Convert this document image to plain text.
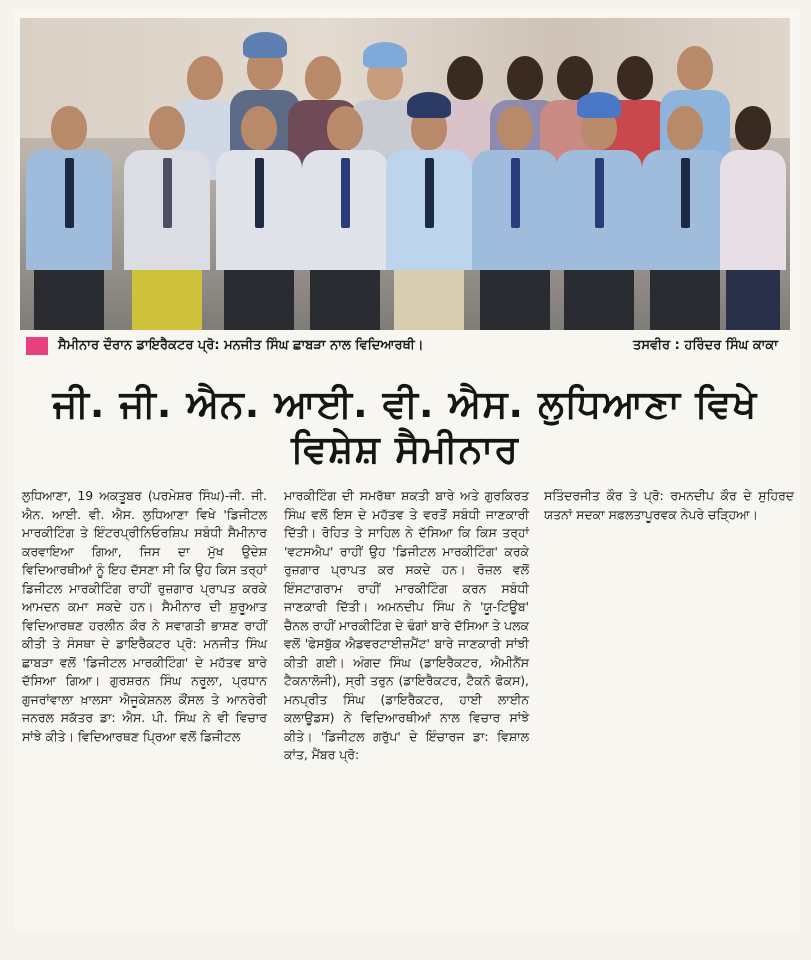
ਸੈਮੀਨਾਰ ਦੌਰਾਨ ਡਾਇਰੈਕਟਰ ਪ੍ਰੋ: ਮਨਜੀਤ ਸਿੰਘ ਛਾਬੜਾ ਨਾਲ ਵਿਦਿਆਰਥੀ।	ਤਸਵੀਰ : ਹਰਿੰਦਰ ਸਿੰਘ ਕਾਕਾ
ਜੀ. ਜੀ. ਐਨ. ਆਈ. ਵੀ. ਐਸ. ਲੁਧਿਆਣਾ ਵਿਖੇ ਵਿਸ਼ੇਸ਼ ਸੈਮੀਨਾਰ
ਲੁਧਿਆਣਾ, 19 ਅਕਤੂਬਰ (ਪਰਮੇਸ਼ਰ ਸਿੰਘ)-ਜੀ. ਜੀ. ਐਨ. ਆਈ. ਵੀ. ਐਸ. ਲੁਧਿਆਣਾ ਵਿਖੇ 'ਡਿਜੀਟਲ ਮਾਰਕੀਟਿੰਗ ਤੇ ਇੰਟਰਪ੍ਰੀਨਿਓਰਸ਼ਿਪ ਸਬੰਧੀ ਸੈਮੀਨਾਰ ਕਰਵਾਇਆ ਗਿਆ, ਜਿਸ ਦਾ ਮੁੱਖ ਉਦੇਸ਼ ਵਿਦਿਆਰਥੀਆਂ ਨੂੰ ਇਹ ਦੱਸਣਾ ਸੀ ਕਿ ਉਹ ਕਿਸ ਤਰ੍ਹਾਂ ਡਿਜੀਟਲ ਮਾਰਕੀਟਿੰਗ ਰਾਹੀਂ ਰੁਜ਼ਗਾਰ ਪ੍ਰਾਪਤ ਕਰਕੇ ਆਮਦਨ ਕਮਾ ਸਕਦੇ ਹਨ। ਸੈਮੀਨਾਰ ਦੀ ਸ਼ੁਰੂਆਤ ਵਿਦਿਆਰਥਣ ਹਰਲੀਨ ਕੌਰ ਨੇ ਸਵਾਗਤੀ ਭਾਸ਼ਣ ਰਾਹੀਂ ਕੀਤੀ ਤੇ ਸੰਸਥਾ ਦੇ ਡਾਇਰੈਕਟਰ ਪ੍ਰੋ: ਮਨਜੀਤ ਸਿੰਘ ਛਾਬੜਾ ਵਲੋਂ 'ਡਿਜੀਟਲ ਮਾਰਕੀਟਿੰਗ' ਦੇ ਮਹੱਤਵ ਬਾਰੇ ਦੱਸਿਆ ਗਿਆ। ਗੁਰਸ਼ਰਨ ਸਿੰਘ ਨਰੂਲਾ, ਪ੍ਰਧਾਨ ਗੁਜਰਾਂਵਾਲਾ ਖ਼ਾਲਸਾ ਐਜੂਕੇਸ਼ਨਲ ਕੌਂਸਲ ਤੇ ਆਨਰੇਰੀ ਜਨਰਲ ਸਕੱਤਰ ਡਾ: ਐਸ. ਪੀ. ਸਿੰਘ ਨੇ ਵੀ ਵਿਚਾਰ ਸਾਂਝੇ ਕੀਤੇ। ਵਿਦਿਆਰਥਣ ਪ੍ਰਿਆ ਵਲੋਂ ਡਿਜੀਟਲ
ਮਾਰਕੀਟਿੰਗ ਦੀ ਸਮਰੱਥਾ ਸ਼ਕਤੀ ਬਾਰੇ ਅਤੇ ਗੁਰਕਿਰਤ ਸਿੰਘ ਵਲੋਂ ਇਸ ਦੇ ਮਹੱਤਵ ਤੇ ਵਰਤੋਂ ਸਬੰਧੀ ਜਾਣਕਾਰੀ ਦਿੱਤੀ। ਰੋਹਿਤ ਤੇ ਸਾਹਿਲ ਨੇ ਦੱਸਿਆ ਕਿ ਕਿਸ ਤਰ੍ਹਾਂ 'ਵਟਸਐਪ' ਰਾਹੀਂ ਉਹ 'ਡਿਜੀਟਲ ਮਾਰਕੀਟਿੰਗ' ਕਰਕੇ ਰੁਜ਼ਗਾਰ ਪ੍ਰਾਪਤ ਕਰ ਸਕਦੇ ਹਨ। ਰੋਜ਼ਲ ਵਲੋਂ ਇੰਸਟਾਗਰਾਮ ਰਾਹੀਂ ਮਾਰਕੀਟਿੰਗ ਕਰਨ ਸਬੰਧੀ ਜਾਣਕਾਰੀ ਦਿੱਤੀ। ਅਮਨਦੀਪ ਸਿੰਘ ਨੇ 'ਯੂ-ਟਿਊਬ' ਚੈਨਲ ਰਾਹੀਂ ਮਾਰਕੀਟਿੰਗ ਦੇ ਢੰਗਾਂ ਬਾਰੇ ਦੱਸਿਆ ਤੇ ਪਲਕ ਵਲੋਂ 'ਫੇਸਬੁੱਕ ਐਡਵਰਟਾਈਜ਼ਮੈਂਟ' ਬਾਰੇ ਜਾਣਕਾਰੀ ਸਾਂਝੀ ਕੀਤੀ ਗਈ। ਅੰਗਦ ਸਿੰਘ (ਡਾਇਰੈਕਟਰ, ਐਮੀਨੈਂਸ ਟੈਕਨਾਲੋਜੀ), ਸ੍ਰੀ ਤਰੁਨ (ਡਾਇਰੈਕਟਰ, ਟੈਕਨੋ ਫੋਕਸ), ਮਨਪ੍ਰੀਤ ਸਿੰਘ (ਡਾਇਰੈਕਟਰ, ਹਾਈ ਲਾਈਨ ਕਲਾਊਡਸ) ਨੇ ਵਿਦਿਆਰਥੀਆਂ ਨਾਲ ਵਿਚਾਰ ਸਾਂਝੇ ਕੀਤੇ। 'ਡਿਜੀਟਲ ਗਰੁੱਪ' ਦੇ ਇੰਚਾਰਜ ਡਾ: ਵਿਸ਼ਾਲ ਕਾਂਤ, ਮੈਂਬਰ ਪ੍ਰੋ:
ਸਤਿੰਦਰਜੀਤ ਕੌਰ ਤੇ ਪ੍ਰੋ: ਰਮਨਦੀਪ ਕੌਰ ਦੇ ਸੁਹਿਰਦ ਯਤਨਾਂ ਸਦਕਾ ਸਫ਼ਲਤਾਪੂਰਵਕ ਨੇਪਰੇ ਚੜ੍ਹਿਆ।
